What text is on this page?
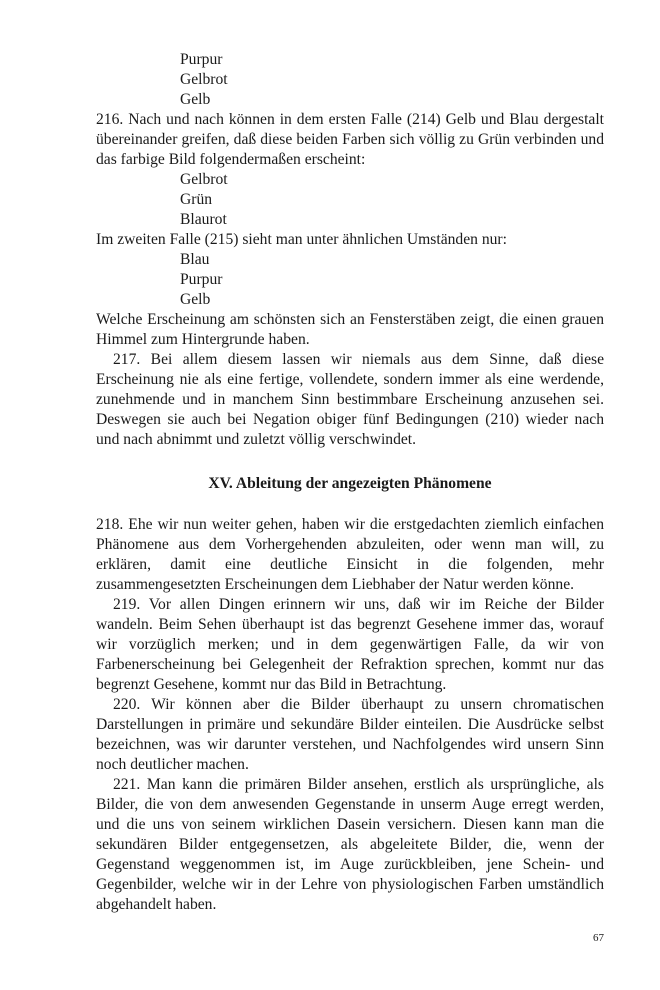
Purpur
Gelbrot
Gelb

216. Nach und nach können in dem ersten Falle (214) Gelb und Blau dergestalt übereinander greifen, daß diese beiden Farben sich völlig zu Grün verbinden und das farbige Bild folgendermaßen erscheint:

Gelbrot
Grün
Blaurot

Im zweiten Falle (215) sieht man unter ähnlichen Umständen nur:

Blau
Purpur
Gelb

Welche Erscheinung am schönsten sich an Fensterstäben zeigt, die einen grauen Himmel zum Hintergrunde haben.

217. Bei allem diesem lassen wir niemals aus dem Sinne, daß diese Erscheinung nie als eine fertige, vollendete, sondern immer als eine werdende, zunehmende und in manchem Sinn bestimmbare Erscheinung anzusehen sei. Deswegen sie auch bei Negation obiger fünf Bedingungen (210) wieder nach und nach abnimmt und zuletzt völlig verschwindet.

XV. Ableitung der angezeigten Phänomene

218. Ehe wir nun weiter gehen, haben wir die erstgedachten ziemlich einfachen Phänomene aus dem Vorhergehenden abzuleiten, oder wenn man will, zu erklären, damit eine deutliche Einsicht in die folgenden, mehr zusammengesetzten Erscheinungen dem Liebhaber der Natur werden könne.

219. Vor allen Dingen erinnern wir uns, daß wir im Reiche der Bilder wandeln. Beim Sehen überhaupt ist das begrenzt Gesehene immer das, worauf wir vorzüglich merken; und in dem gegenwärtigen Falle, da wir von Farbenerscheinung bei Gelegenheit der Refraktion sprechen, kommt nur das begrenzt Gesehene, kommt nur das Bild in Betrachtung.

220. Wir können aber die Bilder überhaupt zu unsern chromatischen Darstellungen in primäre und sekundäre Bilder einteilen. Die Ausdrücke selbst bezeichnen, was wir darunter verstehen, und Nachfolgendes wird unsern Sinn noch deutlicher machen.

221. Man kann die primären Bilder ansehen, erstlich als ursprüngliche, als Bilder, die von dem anwesenden Gegenstande in unserm Auge erregt werden, und die uns von seinem wirklichen Dasein versichern. Diesen kann man die sekundären Bilder entgegensetzen, als abgeleitete Bilder, die, wenn der Gegenstand weggenommen ist, im Auge zurückbleiben, jene Schein- und Gegenbilder, welche wir in der Lehre von physiologischen Farben umständlich abgehandelt haben.

67
